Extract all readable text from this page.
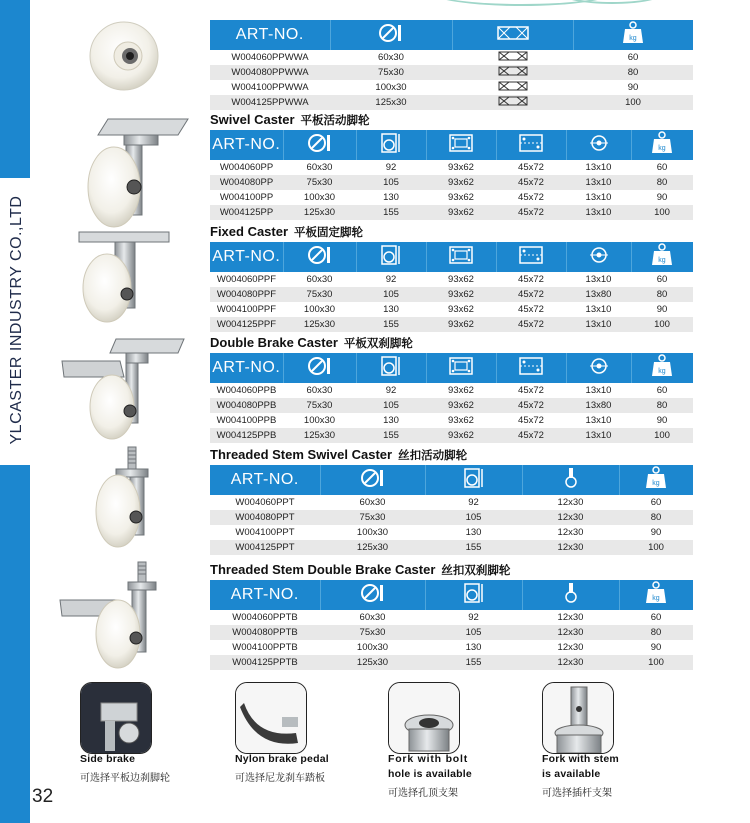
YLCASTER INDUSTRY CO.,LTD
32
ART-NO.			kg

W004060PPWWA	60x30		60
W004080PPWWA	75x30		80
W004100PPWWA	100x30		90
W004125PPWWA	125x30		100
Swivel Caster 平板活动脚轮
ART-NO.						kg

W004060PP	60x30	92	93x62	45x72	13x10	60
W004080PP	75x30	105	93x62	45x72	13x10	80
W004100PP	100x30	130	93x62	45x72	13x10	90
W004125PP	125x30	155	93x62	45x72	13x10	100
Fixed Caster 平板固定脚轮
ART-NO.						kg

W004060PPF	60x30	92	93x62	45x72	13x10	60
W004080PPF	75x30	105	93x62	45x72	13x80	80
W004100PPF	100x30	130	93x62	45x72	13x10	90
W004125PPF	125x30	155	93x62	45x72	13x10	100
Double Brake Caster 平板双刹脚轮
ART-NO.						kg

W004060PPB	60x30	92	93x62	45x72	13x10	60
W004080PPB	75x30	105	93x62	45x72	13x80	80
W004100PPB	100x30	130	93x62	45x72	13x10	90
W004125PPB	125x30	155	93x62	45x72	13x10	100
Threaded Stem Swivel Caster 丝扣活动脚轮
ART-NO.				kg

W004060PPT	60x30	92	12x30	60
W004080PPT	75x30	105	12x30	80
W004100PPT	100x30	130	12x30	90
W004125PPT	125x30	155	12x30	100
Threaded Stem Double Brake Caster 丝扣双刹脚轮
ART-NO.				kg

W004060PPTB	60x30	92	12x30	60
W004080PPTB	75x30	105	12x30	80
W004100PPTB	100x30	130	12x30	90
W004125PPTB	125x30	155	12x30	100
Side brake
可选择平板边刹脚轮
Nylon brake pedal
可选择尼龙刹车踏板
Fork with bolt
hole is available
可选择孔顶支架
Fork with stem
is available
可选择插杆支架
